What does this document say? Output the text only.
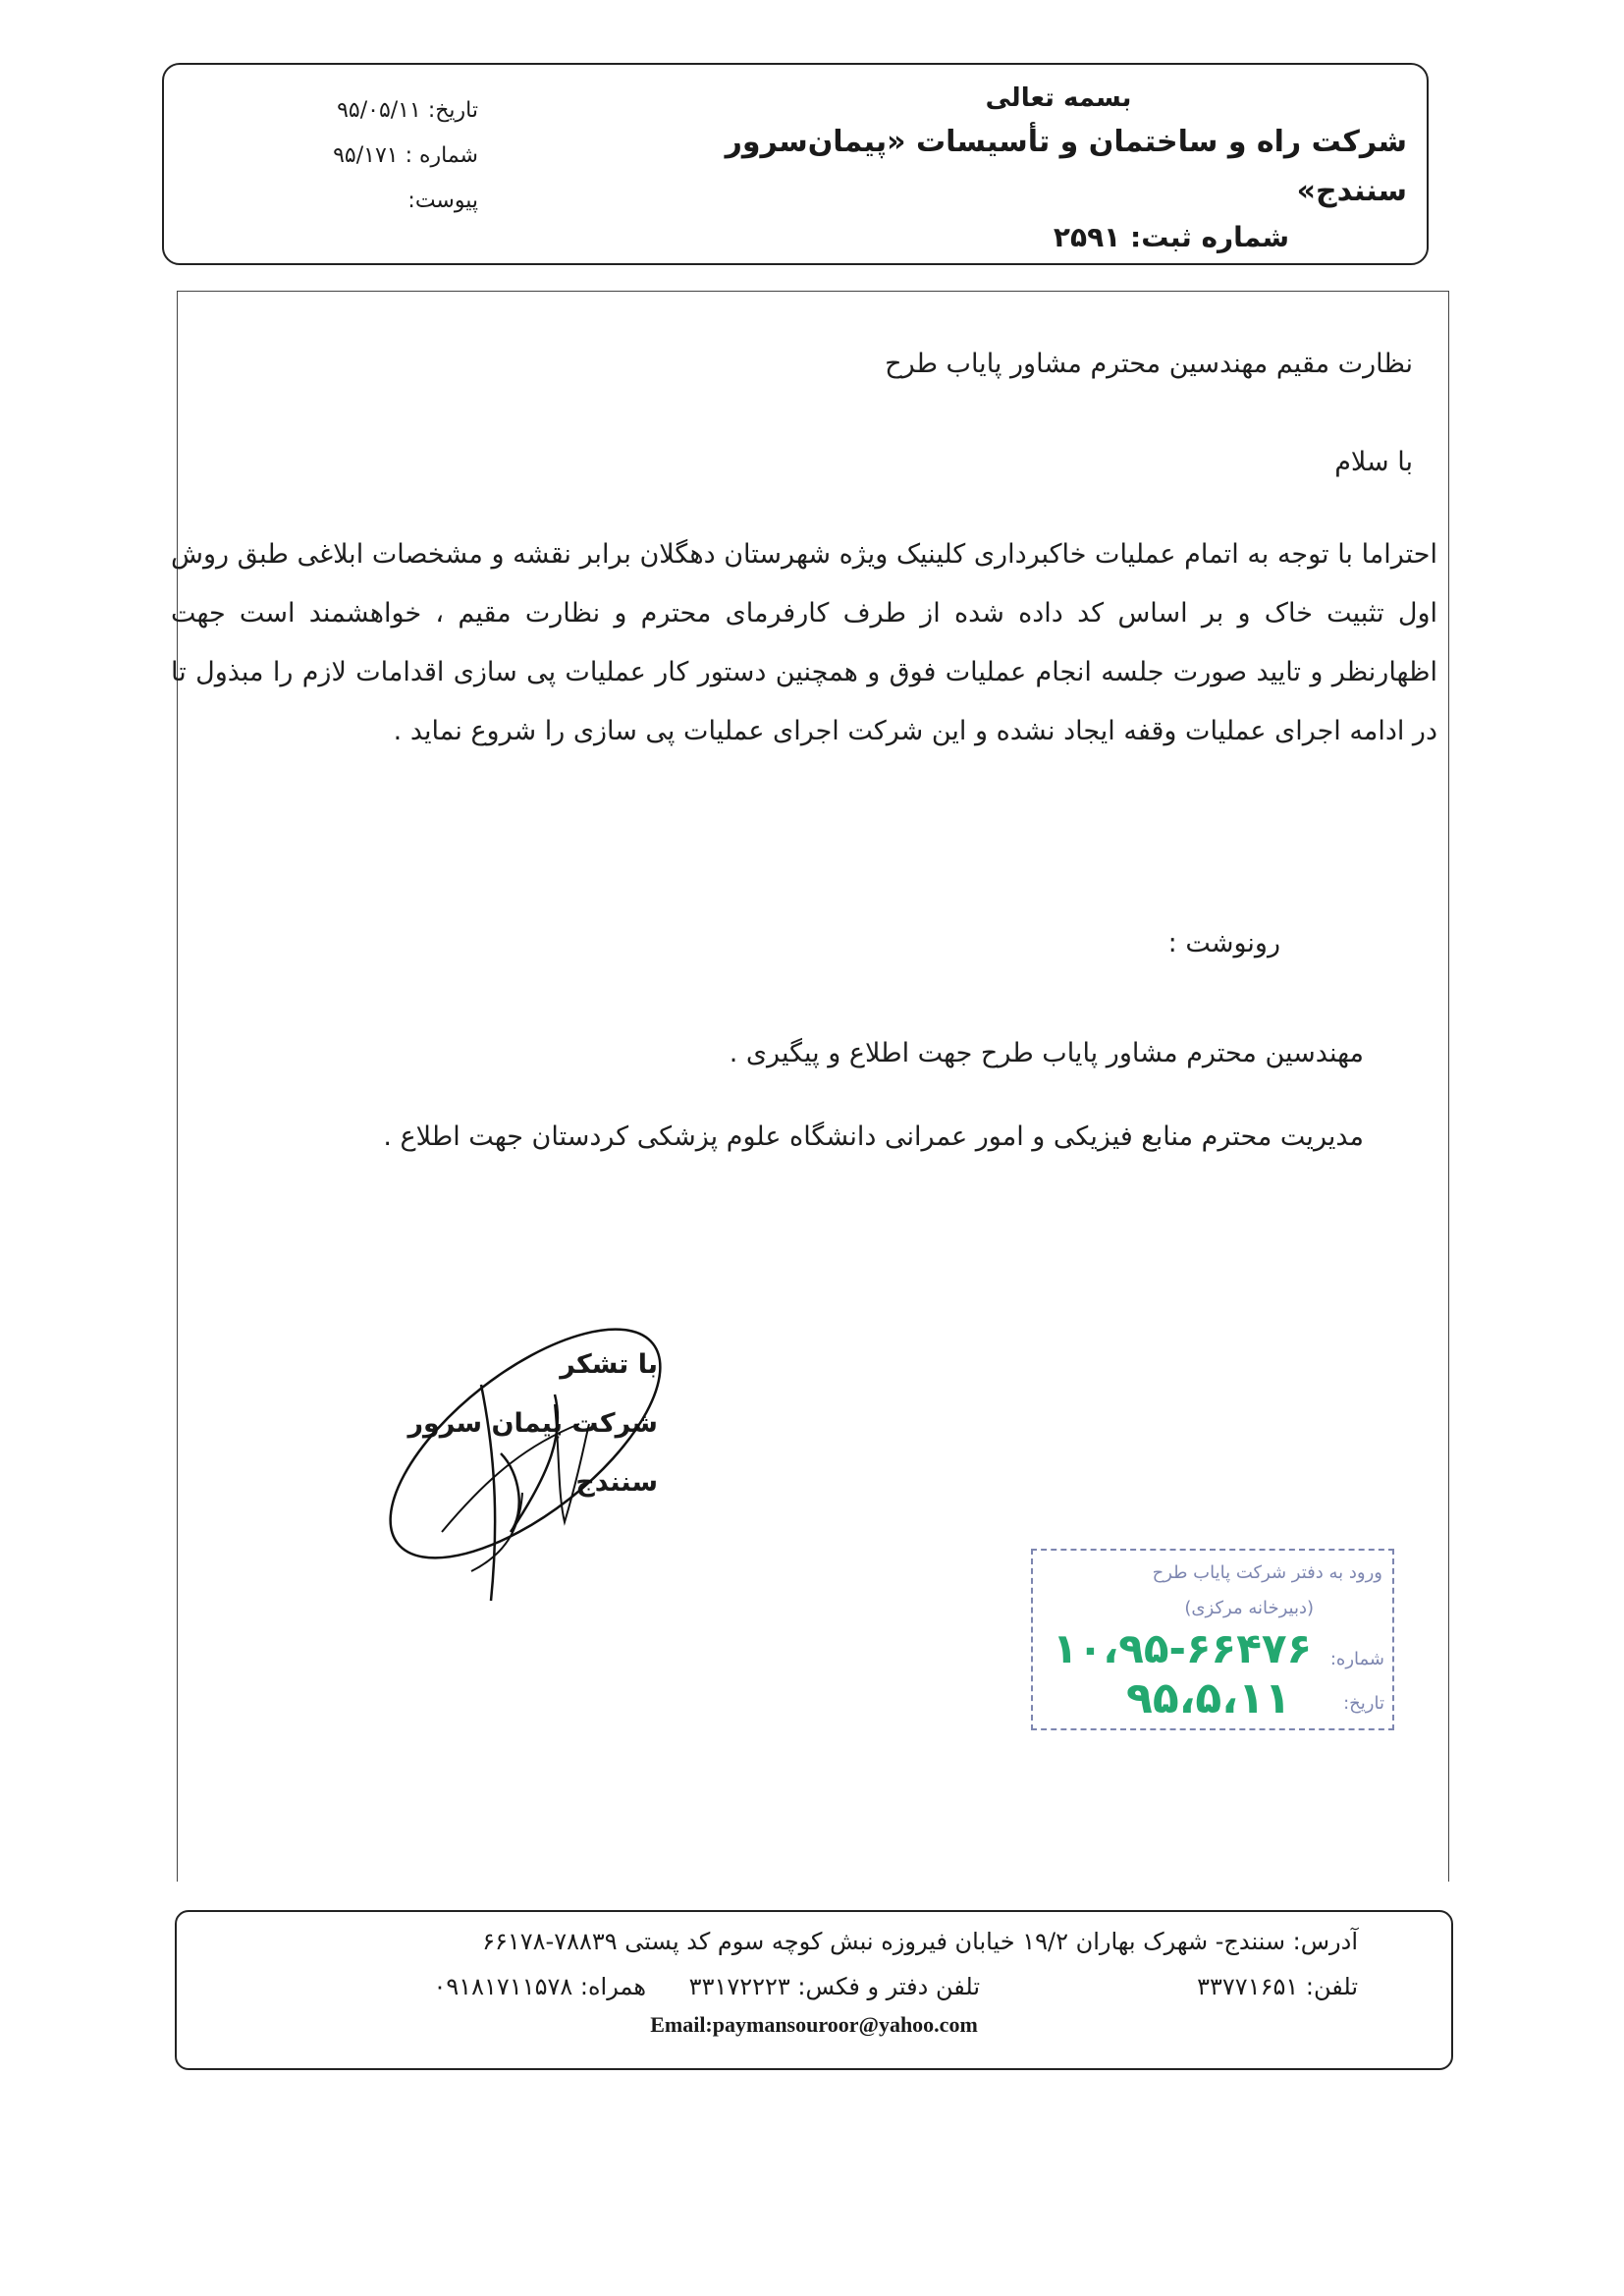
بسمه تعالی
شرکت راه و ساختمان و تأسیسات «پیمان‌سرور سنندج»
شماره ثبت: ۲۵۹۱
تاریخ: ۹۵/۰۵/۱۱
شماره : ۹۵/۱۷۱
پیوست:
نظارت مقیم مهندسین محترم مشاور پایاب طرح
با سلام
احتراما با توجه به اتمام عملیات خاکبرداری کلینیک ویژه شهرستان دهگلان برابر نقشه و مشخصات ابلاغی طبق روش اول تثبیت خاک و بر اساس کد داده شده از طرف کارفرمای محترم و نظارت مقیم ، خواهشمند است جهت اظهارنظر و تایید صورت جلسه انجام عملیات فوق و همچنین دستور کار عملیات پی سازی اقدامات لازم را مبذول تا در ادامه اجرای عملیات وقفه ایجاد نشده و این شرکت اجرای عملیات پی سازی را شروع نماید .
رونوشت :
مهندسین محترم مشاور پایاب طرح جهت اطلاع و پیگیری .
مدیریت محترم منابع فیزیکی و امور عمرانی دانشگاه علوم پزشکی کردستان جهت اطلاع .
با تشکر
شرکت پیمان سرور سنندج
ورود به دفتر شرکت پایاب طرح
(دبیرخانه مرکزی)
شماره:
تاریخ:
۱۰،۹۵-۶۶۴۷۶
۹۵،۵،۱۱
آدرس: سنندج- شهرک بهاران ۱۹/۲ خیابان فیروزه نبش کوچه سوم کد پستی ۷۸۸۳۹-۶۶۱۷۸
تلفن: ۳۳۷۷۱۶۵۱
تلفن دفتر و فکس: ۳۳۱۷۲۲۲۳
همراه: ۰۹۱۸۱۷۱۱۵۷۸
Email:paymansouroor@yahoo.com
